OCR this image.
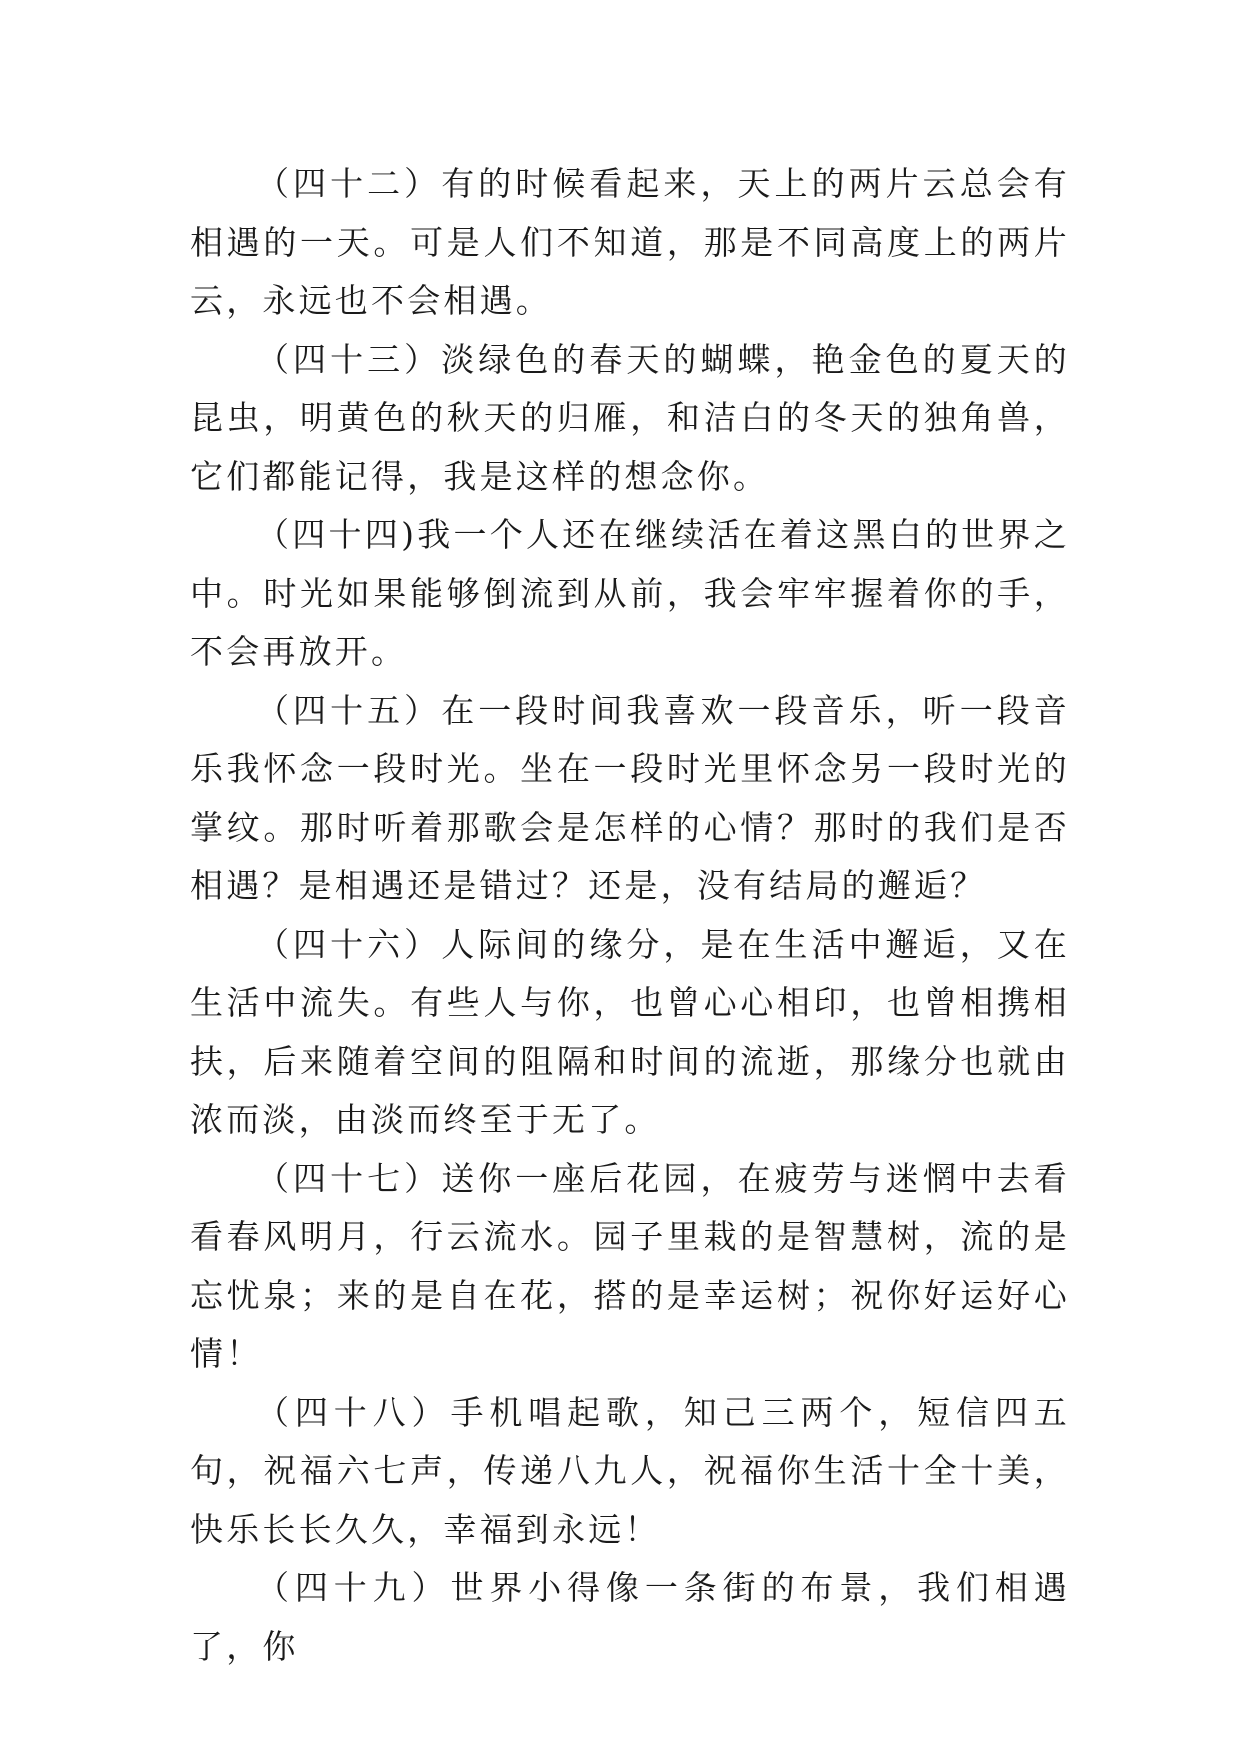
（四十二）有的时候看起来，天上的两片云总会有相遇的一天。可是人们不知道，那是不同高度上的两片云，永远也不会相遇。

（四十三）淡绿色的春天的蝴蝶，艳金色的夏天的昆虫，明黄色的秋天的归雁，和洁白的冬天的独角兽，它们都能记得，我是这样的想念你。

（四十四)我一个人还在继续活在着这黑白的世界之中。时光如果能够倒流到从前，我会牢牢握着你的手，不会再放开。

（四十五）在一段时间我喜欢一段音乐，听一段音乐我怀念一段时光。坐在一段时光里怀念另一段时光的掌纹。那时听着那歌会是怎样的心情？那时的我们是否相遇？是相遇还是错过？还是，没有结局的邂逅？

（四十六）人际间的缘分，是在生活中邂逅，又在生活中流失。有些人与你，也曾心心相印，也曾相携相扶，后来随着空间的阻隔和时间的流逝，那缘分也就由浓而淡，由淡而终至于无了。

（四十七）送你一座后花园，在疲劳与迷惘中去看看春风明月，行云流水。园子里栽的是智慧树，流的是忘忧泉；来的是自在花，搭的是幸运树；祝你好运好心情！

（四十八）手机唱起歌，知己三两个，短信四五句，祝福六七声，传递八九人，祝福你生活十全十美，快乐长长久久，幸福到永远！

（四十九）世界小得像一条街的布景，我们相遇了，你
